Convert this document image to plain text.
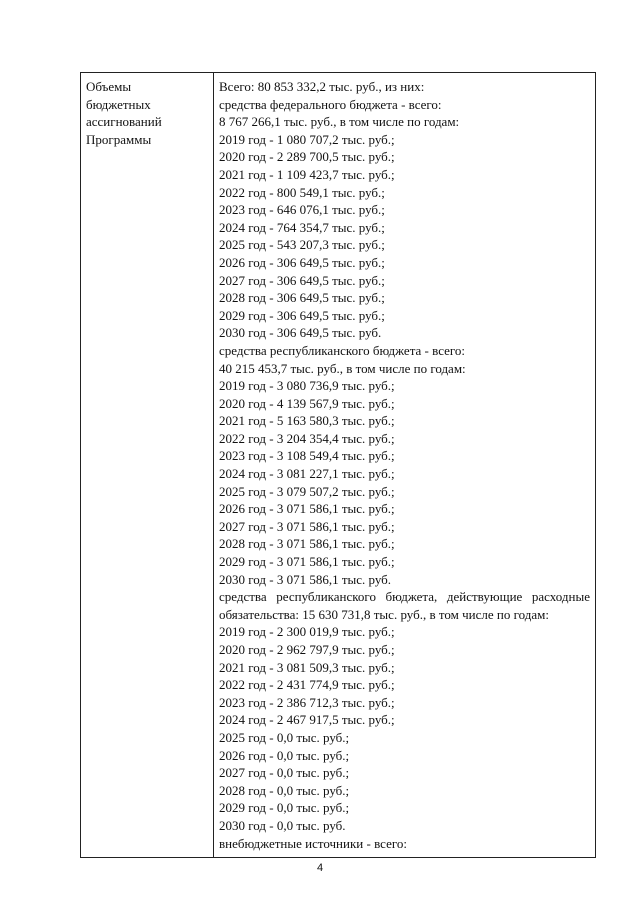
Объемы
бюджетных
ассигнований
Программы
Всего: 80 853 332,2 тыс. руб., из них:
средства федерального бюджета - всего:
8 767 266,1 тыс. руб., в том числе по годам:
2019 год - 1 080 707,2 тыс. руб.;
2020 год - 2 289 700,5 тыс. руб.;
2021 год - 1 109 423,7 тыс. руб.;
2022 год - 800 549,1 тыс. руб.;
2023 год - 646 076,1 тыс. руб.;
2024 год - 764 354,7 тыс. руб.;
2025 год - 543 207,3 тыс. руб.;
2026 год - 306 649,5 тыс. руб.;
2027 год - 306 649,5 тыс. руб.;
2028 год - 306 649,5 тыс. руб.;
2029 год - 306 649,5 тыс. руб.;
2030 год - 306 649,5 тыс. руб.
средства республиканского бюджета - всего:
40 215 453,7 тыс. руб., в том числе по годам:
2019 год - 3 080 736,9 тыс. руб.;
2020 год - 4 139 567,9 тыс. руб.;
2021 год - 5 163 580,3 тыс. руб.;
2022 год - 3 204 354,4 тыс. руб.;
2023 год - 3 108 549,4 тыс. руб.;
2024 год - 3 081 227,1 тыс. руб.;
2025 год - 3 079 507,2 тыс. руб.;
2026 год - 3 071 586,1 тыс. руб.;
2027 год - 3 071 586,1 тыс. руб.;
2028 год - 3 071 586,1 тыс. руб.;
2029 год - 3 071 586,1 тыс. руб.;
2030 год - 3 071 586,1 тыс. руб.
средства республиканского бюджета, действующие расходные обязательства: 15 630 731,8 тыс. руб., в том числе по годам:
2019 год - 2 300 019,9 тыс. руб.;
2020 год - 2 962 797,9 тыс. руб.;
2021 год - 3 081 509,3 тыс. руб.;
2022 год - 2 431 774,9 тыс. руб.;
2023 год - 2 386 712,3 тыс. руб.;
2024 год - 2 467 917,5 тыс. руб.;
2025 год - 0,0 тыс. руб.;
2026 год - 0,0 тыс. руб.;
2027 год - 0,0 тыс. руб.;
2028 год - 0,0 тыс. руб.;
2029 год - 0,0 тыс. руб.;
2030 год - 0,0 тыс. руб.
внебюджетные источники - всего:
4
